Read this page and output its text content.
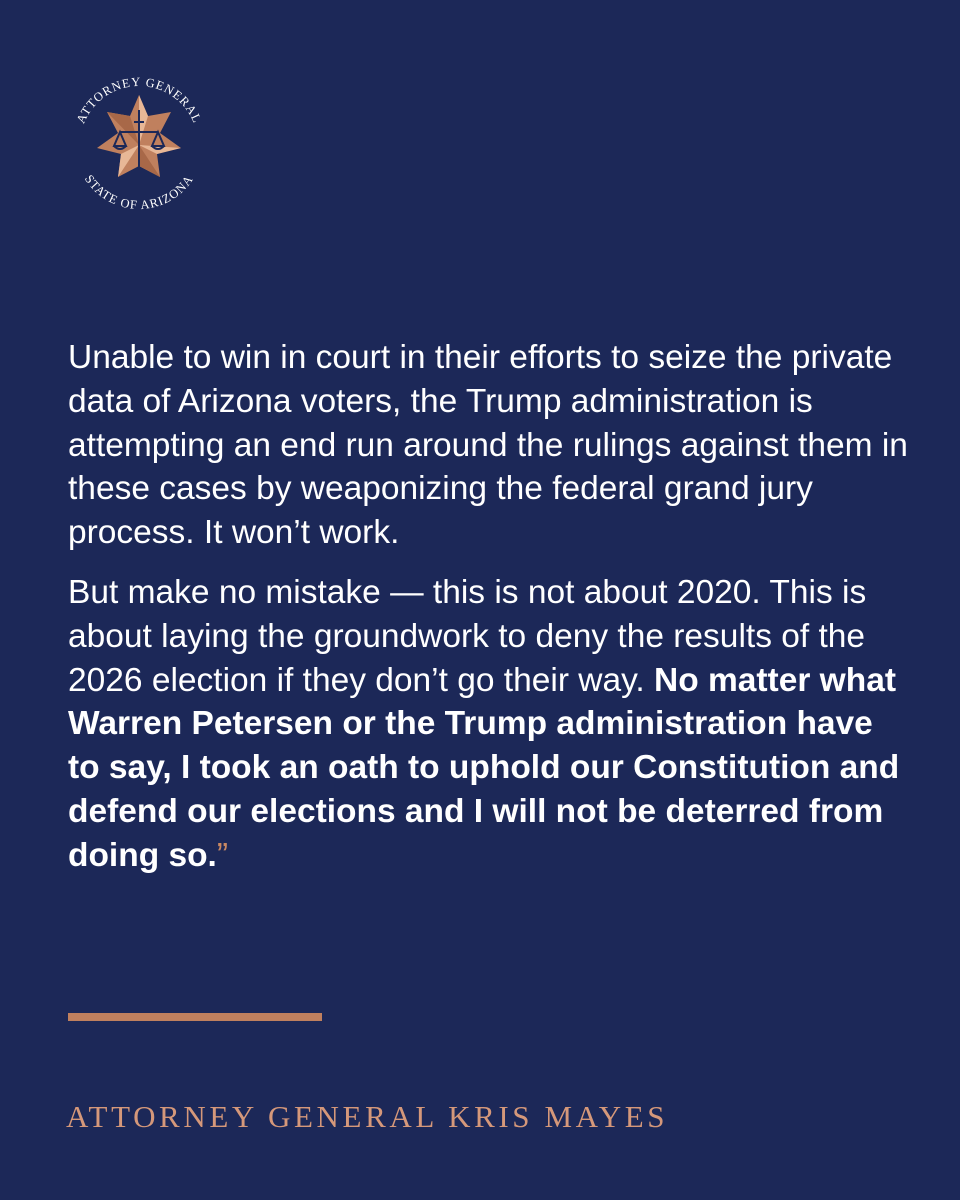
ATTORNEY GENERAL
STATE OF ARIZONA

Unable to win in court in their efforts to seize the private data of Arizona voters, the Trump administration is attempting an end run around the rulings against them in these cases by weaponizing the federal grand jury process. It won’t work.

But make no mistake — this is not about 2020. This is about laying the groundwork to deny the results of the 2026 election if they don’t go their way. No matter what Warren Petersen or the Trump administration have to say, I took an oath to uphold our Constitution and defend our elections and I will not be deterred from doing so.”

ATTORNEY GENERAL KRIS MAYES
